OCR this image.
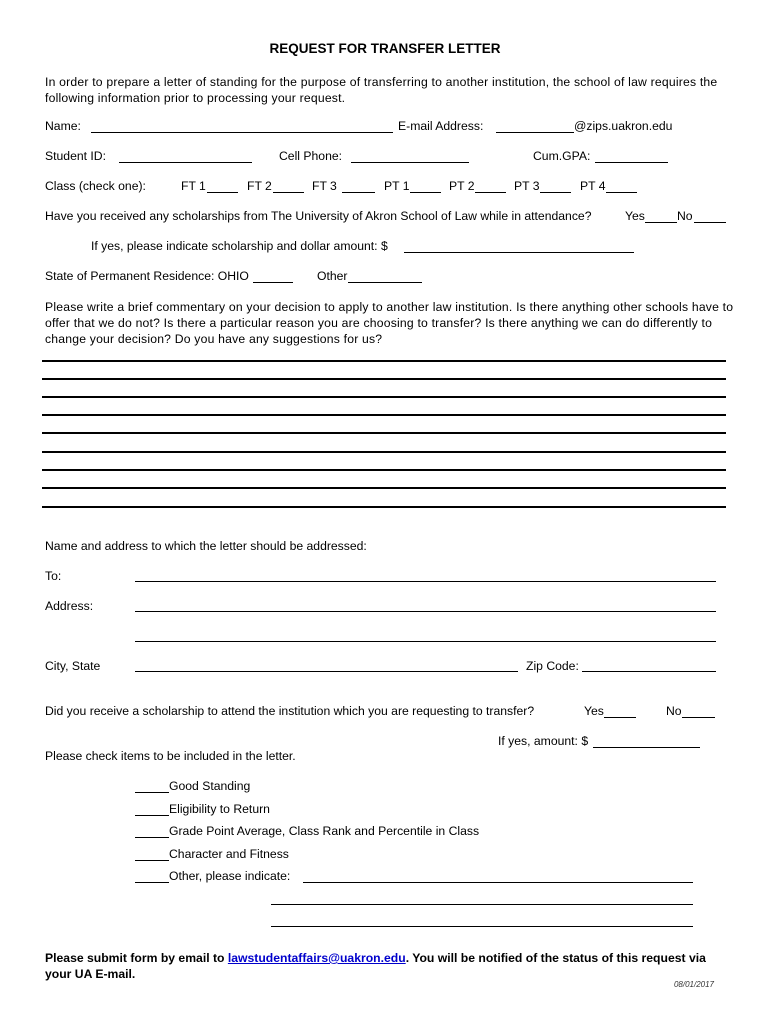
REQUEST FOR TRANSFER LETTER
In order to prepare a letter of standing for the purpose of transferring to another institution, the school of law requires the following information prior to processing your request.
Name:	E-mail Address:	@zips.uakron.edu
Student ID:	Cell Phone:	Cum.GPA:
Class (check one):	FT 1	FT 2	FT 3	PT 1	PT 2	PT 3	PT 4
Have you received any scholarships from The University of Akron School of Law while in attendance?	Yes	No
If yes, please indicate scholarship and dollar amount: $
State of Permanent Residence: OHIO	Other
Please write a brief commentary on your decision to apply to another law institution. Is there anything other schools have to offer that we do not? Is there a particular reason you are choosing to transfer? Is there anything we can do differently to change your decision? Do you have any suggestions for us?
Name and address to which the letter should be addressed:
To:
Address:
City, State	Zip Code:
Did you receive a scholarship to attend the institution which you are requesting to transfer?	Yes	No
If yes, amount: $
Please check items to be included in the letter.
Good Standing
Eligibility to Return
Grade Point Average, Class Rank and Percentile in Class
Character and Fitness
Other, please indicate:
Please submit form by email to lawstudentaffairs@uakron.edu. You will be notified of the status of this request via your UA E-mail.
08/01/2017
